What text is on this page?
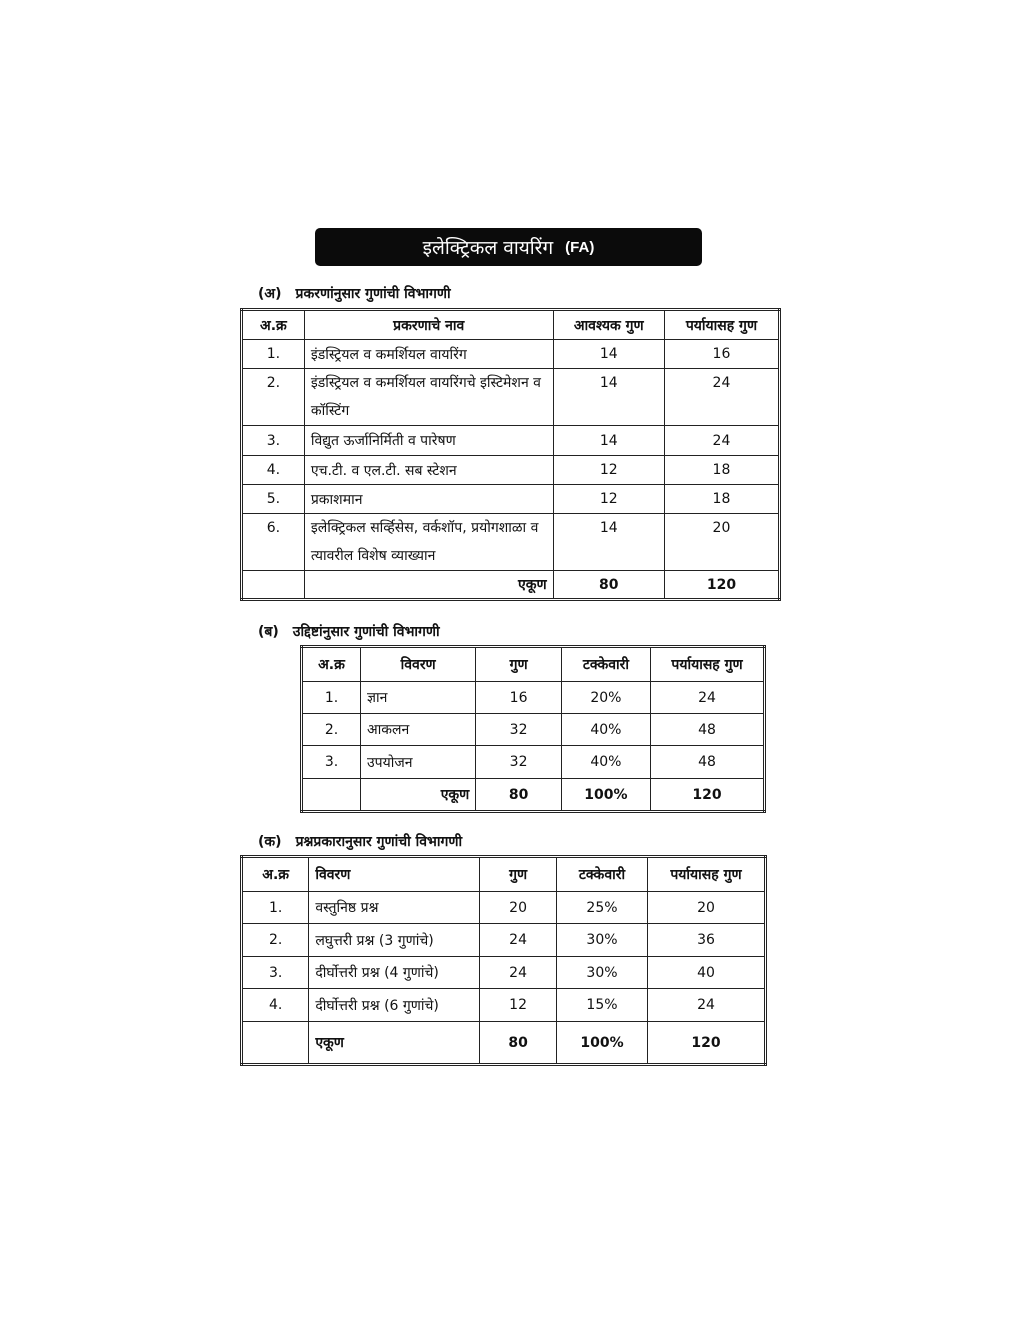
इलेक्ट्रिकल वायरिंग (FA)
(अ) प्रकरणांनुसार गुणांची विभागणी
अ.क्र	प्रकरणाचे नाव	आवश्यक गुण	पर्यायासह गुण
1.	इंडस्ट्रियल व कमर्शियल वायरिंग	14	16
2.	इंडस्ट्रियल व कमर्शियल वायरिंगचे इस्टिमेशन व कॉस्टिंग	14	24
3.	विद्युत ऊर्जानिर्मिती व पारेषण	14	24
4.	एच.टी. व एल.टी. सब स्टेशन	12	18
5.	प्रकाशमान	12	18
6.	इलेक्ट्रिकल सर्व्हिसेस, वर्कशॉप, प्रयोगशाळा व त्यावरील विशेष व्याख्यान	14	20
	एकूण	80	120
(ब) उद्दिष्टांनुसार गुणांची विभागणी
अ.क्र	विवरण	गुण	टक्केवारी	पर्यायासह गुण
1.	ज्ञान	16	20%	24
2.	आकलन	32	40%	48
3.	उपयोजन	32	40%	48
	एकूण	80	100%	120
(क) प्रश्नप्रकारानुसार गुणांची विभागणी
अ.क्र	विवरण	गुण	टक्केवारी	पर्यायासह गुण
1.	वस्तुनिष्ठ प्रश्न	20	25%	20
2.	लघुत्तरी प्रश्न (3 गुणांचे)	24	30%	36
3.	दीर्घोत्तरी प्रश्न (4 गुणांचे)	24	30%	40
4.	दीर्घोत्तरी प्रश्न (6 गुणांचे)	12	15%	24
	एकूण	80	100%	120
